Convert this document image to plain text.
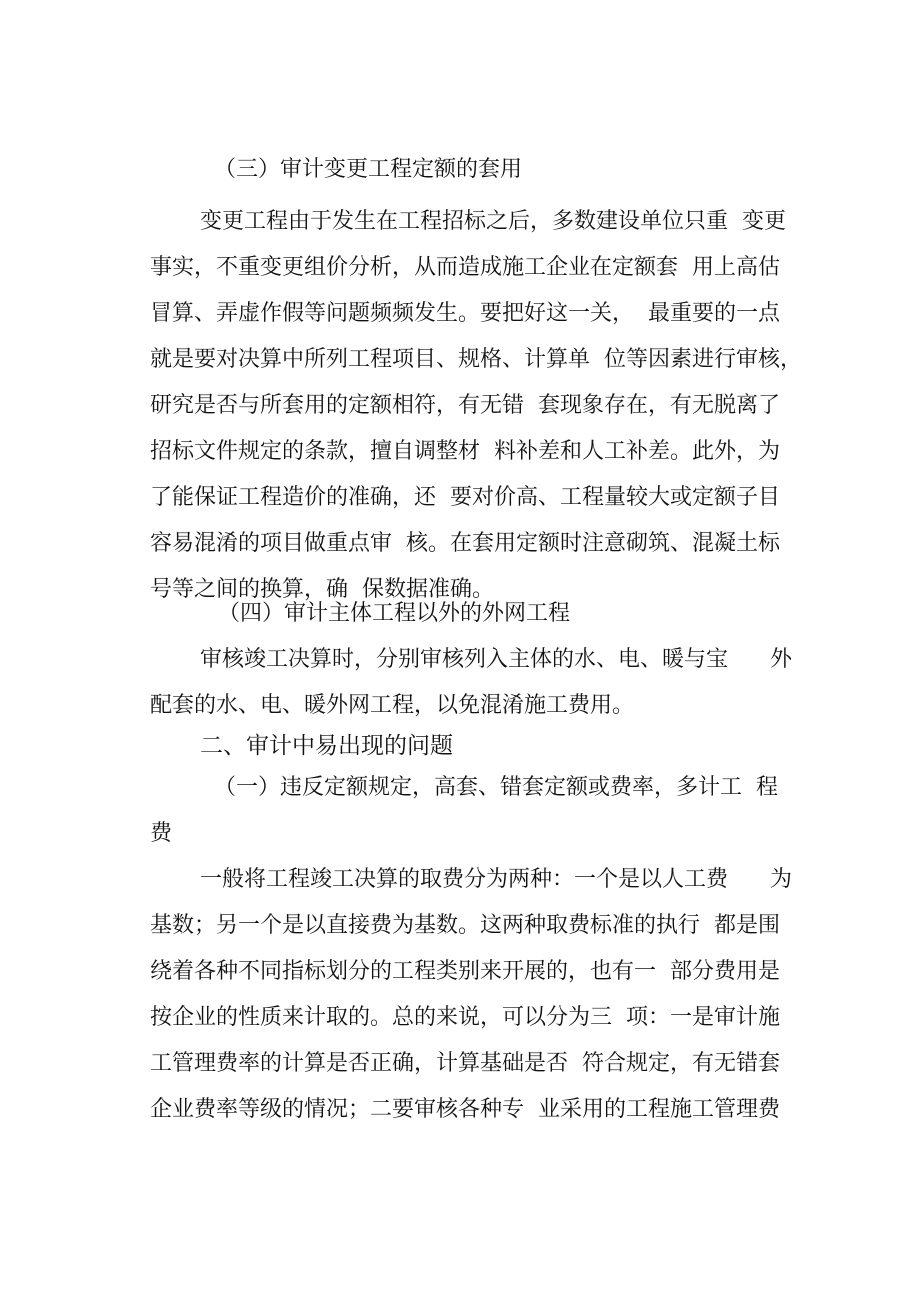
（三）审计变更工程定额的套用
变更工程由于发生在工程招标之后，多数建设单位只重  变更
事实，不重变更组价分析，从而造成施工企业在定额套  用上高估
冒算、弄虚作假等问题频频发生。要把好这一关，  最重要的一点
就是要对决算中所列工程项目、规格、计算单  位等因素进行审核，
研究是否与所套用的定额相符，有无错  套现象存在，有无脱离了
招标文件规定的条款，擅自调整材  料补差和人工补差。此外，为
了能保证工程造价的准确，还  要对价高、工程量较大或定额子目
容易混淆的项目做重点审  核。在套用定额时注意砌筑、混凝土标
号等之间的换算，确  保数据准确。
（四）审计主体工程以外的外网工程
审核竣工决算时，分别审核列入主体的水、电、暖与宝      外
配套的水、电、暖外网工程，以免混淆施工费用。
二、审计中易出现的问题
（一）违反定额规定，高套、错套定额或费率，多计工  程
费
一般将工程竣工决算的取费分为两种：一个是以人工费      为
基数；另一个是以直接费为基数。这两种取费标准的执行  都是围
绕着各种不同指标划分的工程类别来开展的，也有一  部分费用是
按企业的性质来计取的。总的来说，可以分为三  项：一是审计施
工管理费率的计算是否正确，计算基础是否  符合规定，有无错套
企业费率等级的情况；二要审核各种专  业采用的工程施工管理费
